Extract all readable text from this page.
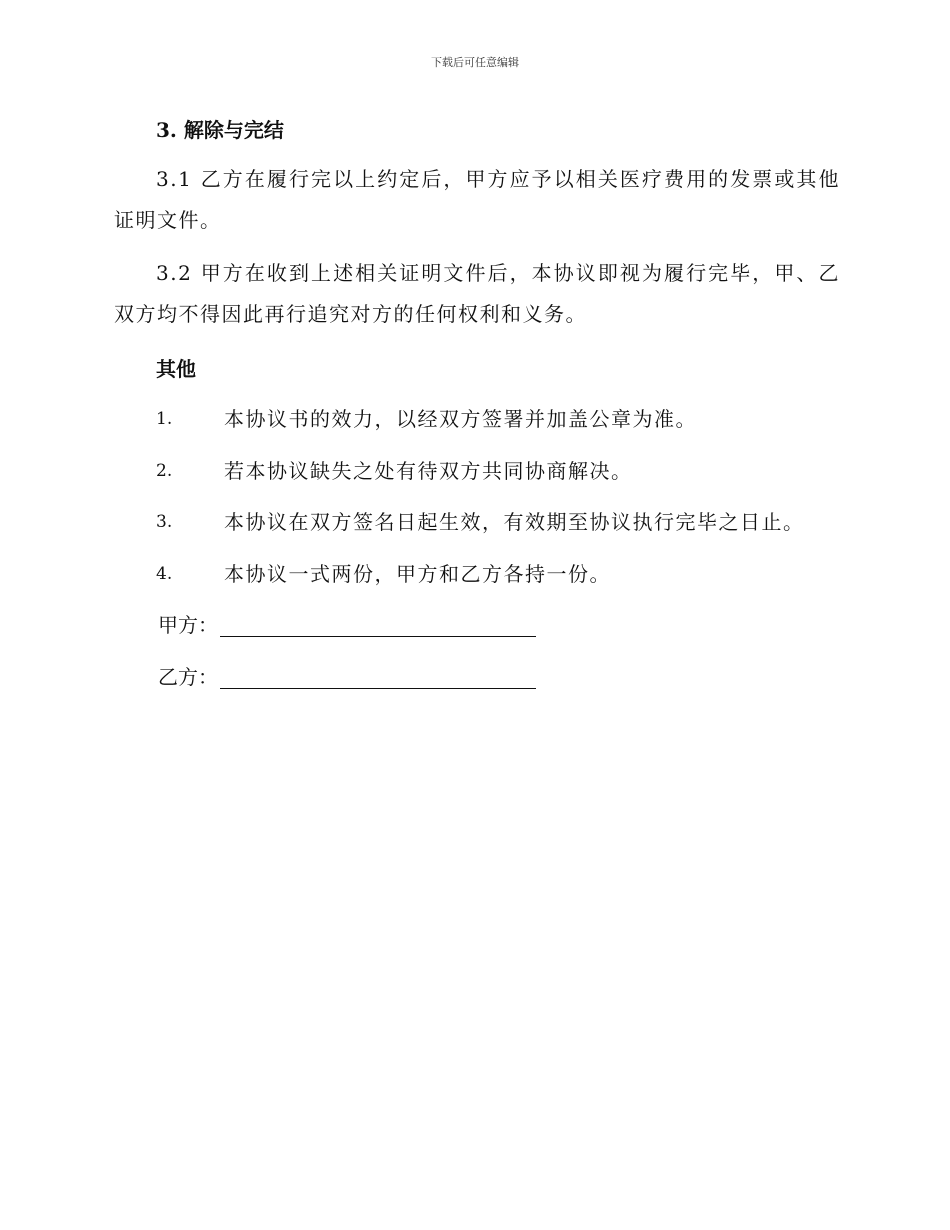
下载后可任意编辑
3. 解除与完结
3.1 乙方在履行完以上约定后，甲方应予以相关医疗费用的发票或其他证明文件。
3.2 甲方在收到上述相关证明文件后，本协议即视为履行完毕，甲、乙双方均不得因此再行追究对方的任何权利和义务。
其他
1.	本协议书的效力，以经双方签署并加盖公章为准。
2.	若本协议缺失之处有待双方共同协商解决。
3.	本协议在双方签名日起生效，有效期至协议执行完毕之日止。
4.	本协议一式两份，甲方和乙方各持一份。
甲方：
乙方：
